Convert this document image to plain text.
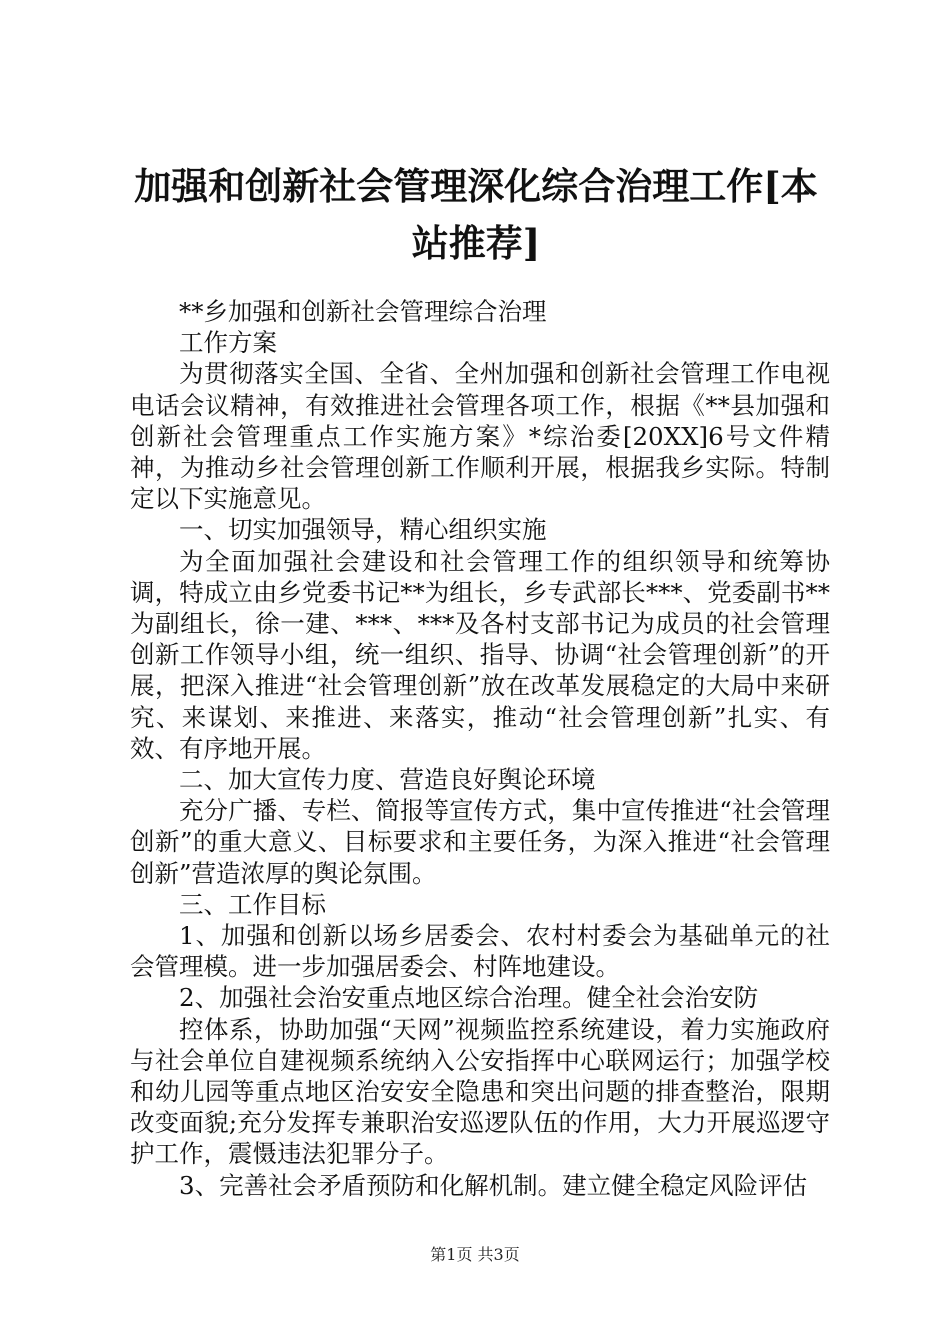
加强和创新社会管理深化综合治理工作[本站推荐]

**乡加强和创新社会管理综合治理

工作方案

为贯彻落实全国、全省、全州加强和创新社会管理工作电视电话会议精神，有效推进社会管理各项工作，根据《**县加强和创新社会管理重点工作实施方案》*综治委[20XX]6号文件精神，为推动乡社会管理创新工作顺利开展，根据我乡实际。特制定以下实施意见。

一、切实加强领导，精心组织实施

为全面加强社会建设和社会管理工作的组织领导和统筹协调，特成立由乡党委书记**为组长，乡专武部长***、党委副书**为副组长，徐一建、***、***及各村支部书记为成员的社会管理创新工作领导小组，统一组织、指导、协调“社会管理创新”的开展，把深入推进“社会管理创新”放在改革发展稳定的大局中来研究、来谋划、来推进、来落实，推动“社会管理创新”扎实、有效、有序地开展。

二、加大宣传力度、营造良好舆论环境

充分广播、专栏、简报等宣传方式，集中宣传推进“社会管理创新”的重大意义、目标要求和主要任务，为深入推进“社会管理创新”营造浓厚的舆论氛围。

三、工作目标

1、加强和创新以场乡居委会、农村村委会为基础单元的社会管理模。进一步加强居委会、村阵地建设。

2、加强社会治安重点地区综合治理。健全社会治安防

控体系，协助加强“天网”视频监控系统建设，着力实施政府与社会单位自建视频系统纳入公安指挥中心联网运行；加强学校和幼儿园等重点地区治安安全隐患和突出问题的排查整治，限期改变面貌;充分发挥专兼职治安巡逻队伍的作用，大力开展巡逻守护工作，震慑违法犯罪分子。

3、完善社会矛盾预防和化解机制。建立健全稳定风险评估

第1页 共3页
